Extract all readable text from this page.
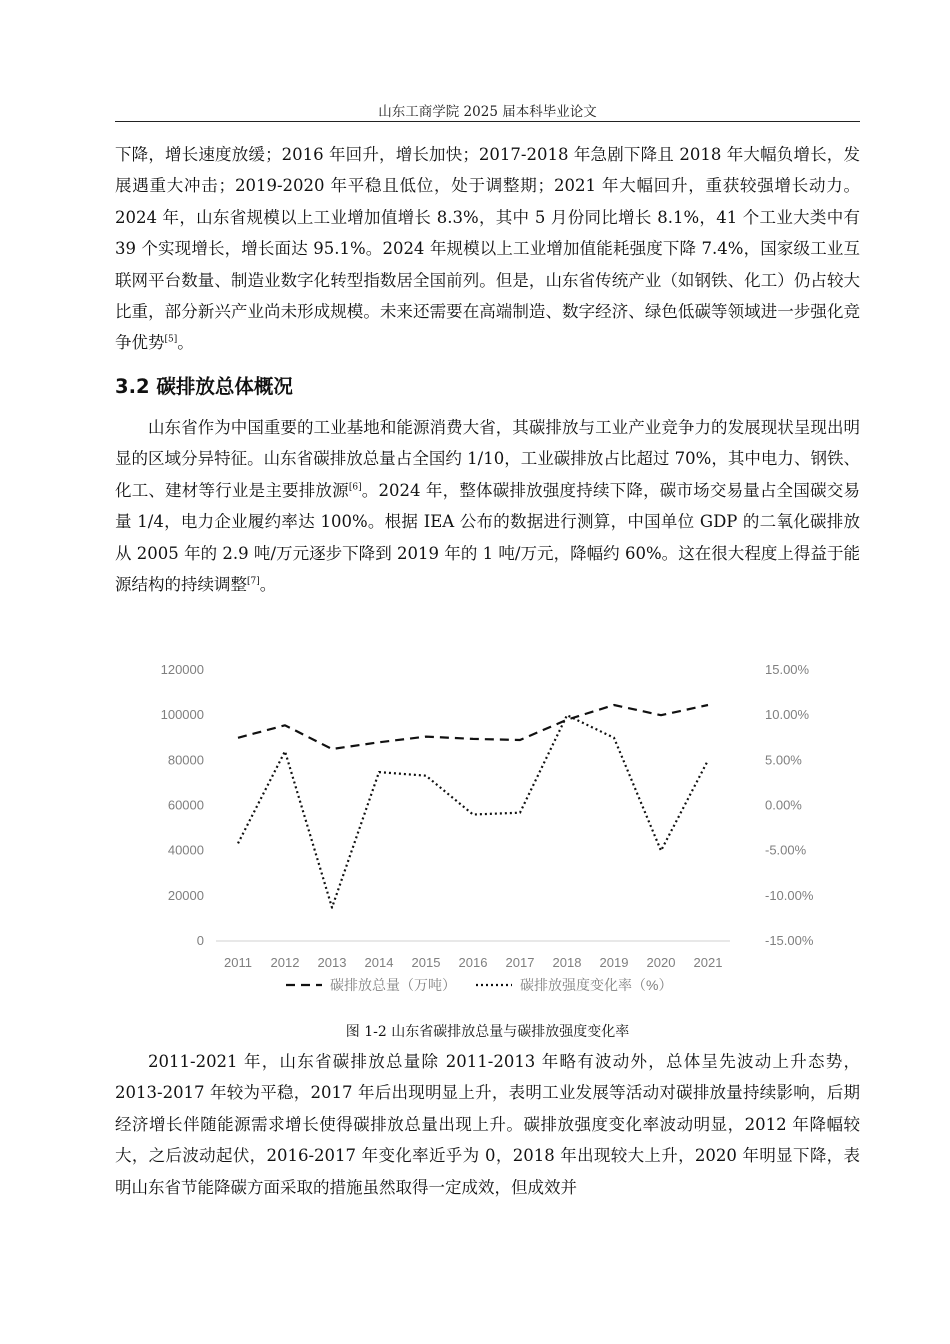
山东工商学院 2025 届本科毕业论文

下降，增长速度放缓；2016 年回升，增长加快；2017-2018 年急剧下降且 2018 年大幅负增长，发展遇重大冲击；2019-2020 年平稳且低位，处于调整期；2021 年大幅回升，重获较强增长动力。2024 年，山东省规模以上工业增加值增长 8.3%，其中 5 月份同比增长 8.1%，41 个工业大类中有 39 个实现增长，增长面达 95.1%。2024 年规模以上工业增加值能耗强度下降 7.4%，国家级工业互联网平台数量、制造业数字化转型指数居全国前列。但是，山东省传统产业（如钢铁、化工）仍占较大比重，部分新兴产业尚未形成规模。未来还需要在高端制造、数字经济、绿色低碳等领域进一步强化竞争优势[5]。

3.2 碳排放总体概况

山东省作为中国重要的工业基地和能源消费大省，其碳排放与工业产业竞争力的发展现状呈现出明显的区域分异特征。山东省碳排放总量占全国约 1/10，工业碳排放占比超过 70%，其中电力、钢铁、化工、建材等行业是主要排放源[6]。2024 年，整体碳排放强度持续下降，碳市场交易量占全国碳交易量 1/4，电力企业履约率达 100%。根据 IEA 公布的数据进行测算，中国单位 GDP 的二氧化碳排放从 2005 年的 2.9 吨/万元逐步下降到 2019 年的 1 吨/万元，降幅约 60%。这在很大程度上得益于能源结构的持续调整[7]。

0
20000
40000
60000
80000
100000
120000
-15.00%
-10.00%
-5.00%
0.00%
5.00%
10.00%
15.00%
2011 2012 2013 2014 2015 2016 2017 2018 2019 2020 2021
碳排放总量（万吨）	碳排放强度变化率（%）
图 1-2 山东省碳排放总量与碳排放强度变化率

2011-2021 年，山东省碳排放总量除 2011-2013 年略有波动外，总体呈先波动上升态势，2013-2017 年较为平稳，2017 年后出现明显上升，表明工业发展等活动对碳排放量持续影响，后期经济增长伴随能源需求增长使得碳排放总量出现上升。碳排放强度变化率波动明显，2012 年降幅较大，之后波动起伏，2016-2017 年变化率近乎为 0，2018 年出现较大上升，2020 年明显下降，表明山东省节能降碳方面采取的措施虽然取得一定成效，但成效并
